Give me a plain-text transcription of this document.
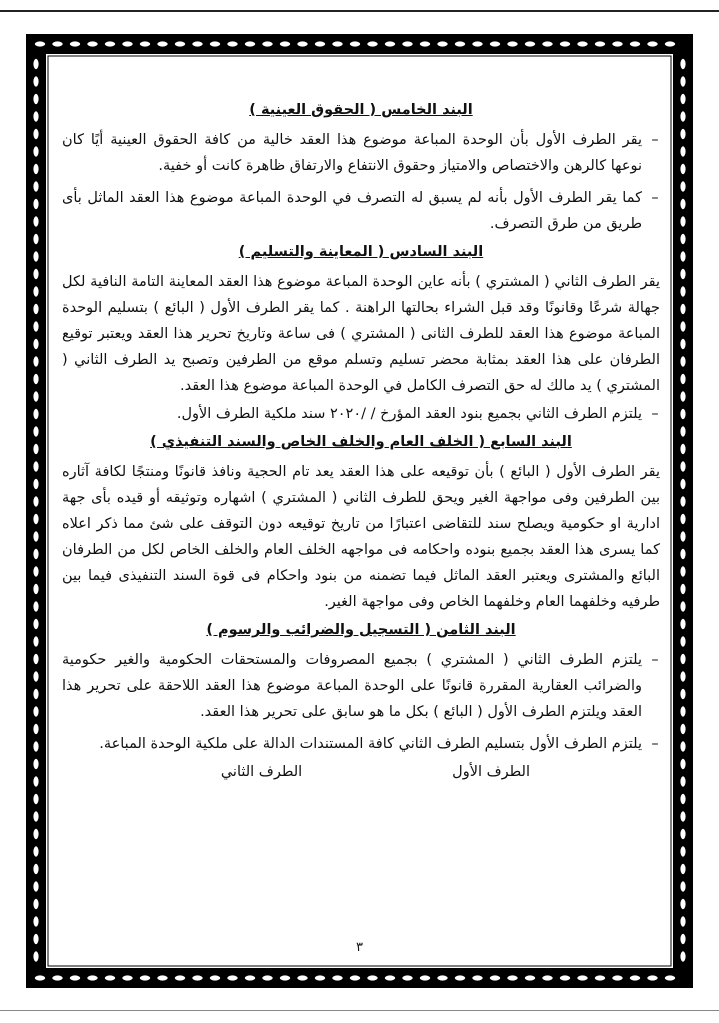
البند الخامس ( الحقوق العينية )
–
يقر الطرف الأول بأن الوحدة المباعة موضوع هذا العقد خالية من كافة الحقوق العينية أيًا كان نوعها كالرهن والاختصاص والامتياز وحقوق الانتفاع والارتفاق ظاهرة كانت أو خفية.
–
كما يقر الطرف الأول بأنه لم يسبق له التصرف في الوحدة المباعة موضوع هذا العقد الماثل بأى طريق من طرق التصرف.
البند السادس ( المعاينة والتسليم )

يقر الطرف الثاني ( المشتري ) بأنه عاين الوحدة المباعة موضوع هذا العقد المعاينة التامة النافية لكل جهالة شرعًا وقانونًا وقد قبل الشراء بحالتها الراهنة . كما يقر الطرف الأول ( البائع ) بتسليم الوحدة المباعة موضوع هذا العقد للطرف الثانى ( المشتري ) فى ساعة وتاريخ تحرير هذا العقد ويعتبر توقيع الطرفان على هذا العقد بمثابة محضر تسليم وتسلم موقع من الطرفين وتصبح يد الطرف الثاني ( المشتري ) يد مالك له حق التصرف الكامل في الوحدة المباعة موضوع هذا العقد.

–
يلتزم الطرف الثاني بجميع بنود العقد المؤرخ / /٢٠٢٠ سند ملكية الطرف الأول.
البند السابع ( الخلف العام والخلف الخاص والسند التنفيذي )

يقر الطرف الأول ( البائع ) بأن توقيعه على هذا العقد يعد تام الحجية ونافذ قانونًا ومنتجًا لكافة آثاره بين الطرفين وفى مواجهة الغير ويحق للطرف الثاني ( المشتري ) اشهاره وتوثيقه أو قيده بأى جهة ادارية او حكومية ويصلح سند للتقاضى اعتبارًا من تاريخ توقيعه دون التوقف على شئ مما ذكر اعلاه كما يسرى هذا العقد بجميع بنوده واحكامه فى مواجهه الخلف العام والخلف الخاص لكل من الطرفان البائع والمشترى ويعتبر العقد الماثل فيما تضمنه من بنود واحكام فى قوة السند التنفيذى فيما بين طرفيه وخلفهما العام وخلفهما الخاص وفى مواجهة الغير.

البند الثامن ( التسجيل والضرائب والرسوم )
–
يلتزم الطرف الثاني ( المشتري ) بجميع المصروفات والمستحقات الحكومية والغير حكومية والضرائب العقارية المقررة قانونًا على الوحدة المباعة موضوع هذا العقد اللاحقة على تحرير هذا العقد ويلتزم الطرف الأول ( البائع ) بكل ما هو سابق على تحرير هذا العقد.
–
يلتزم الطرف الأول بتسليم الطرف الثاني كافة المستندات الدالة على ملكية الوحدة المباعة.
الطرف الأول
الطرف الثاني
٣
